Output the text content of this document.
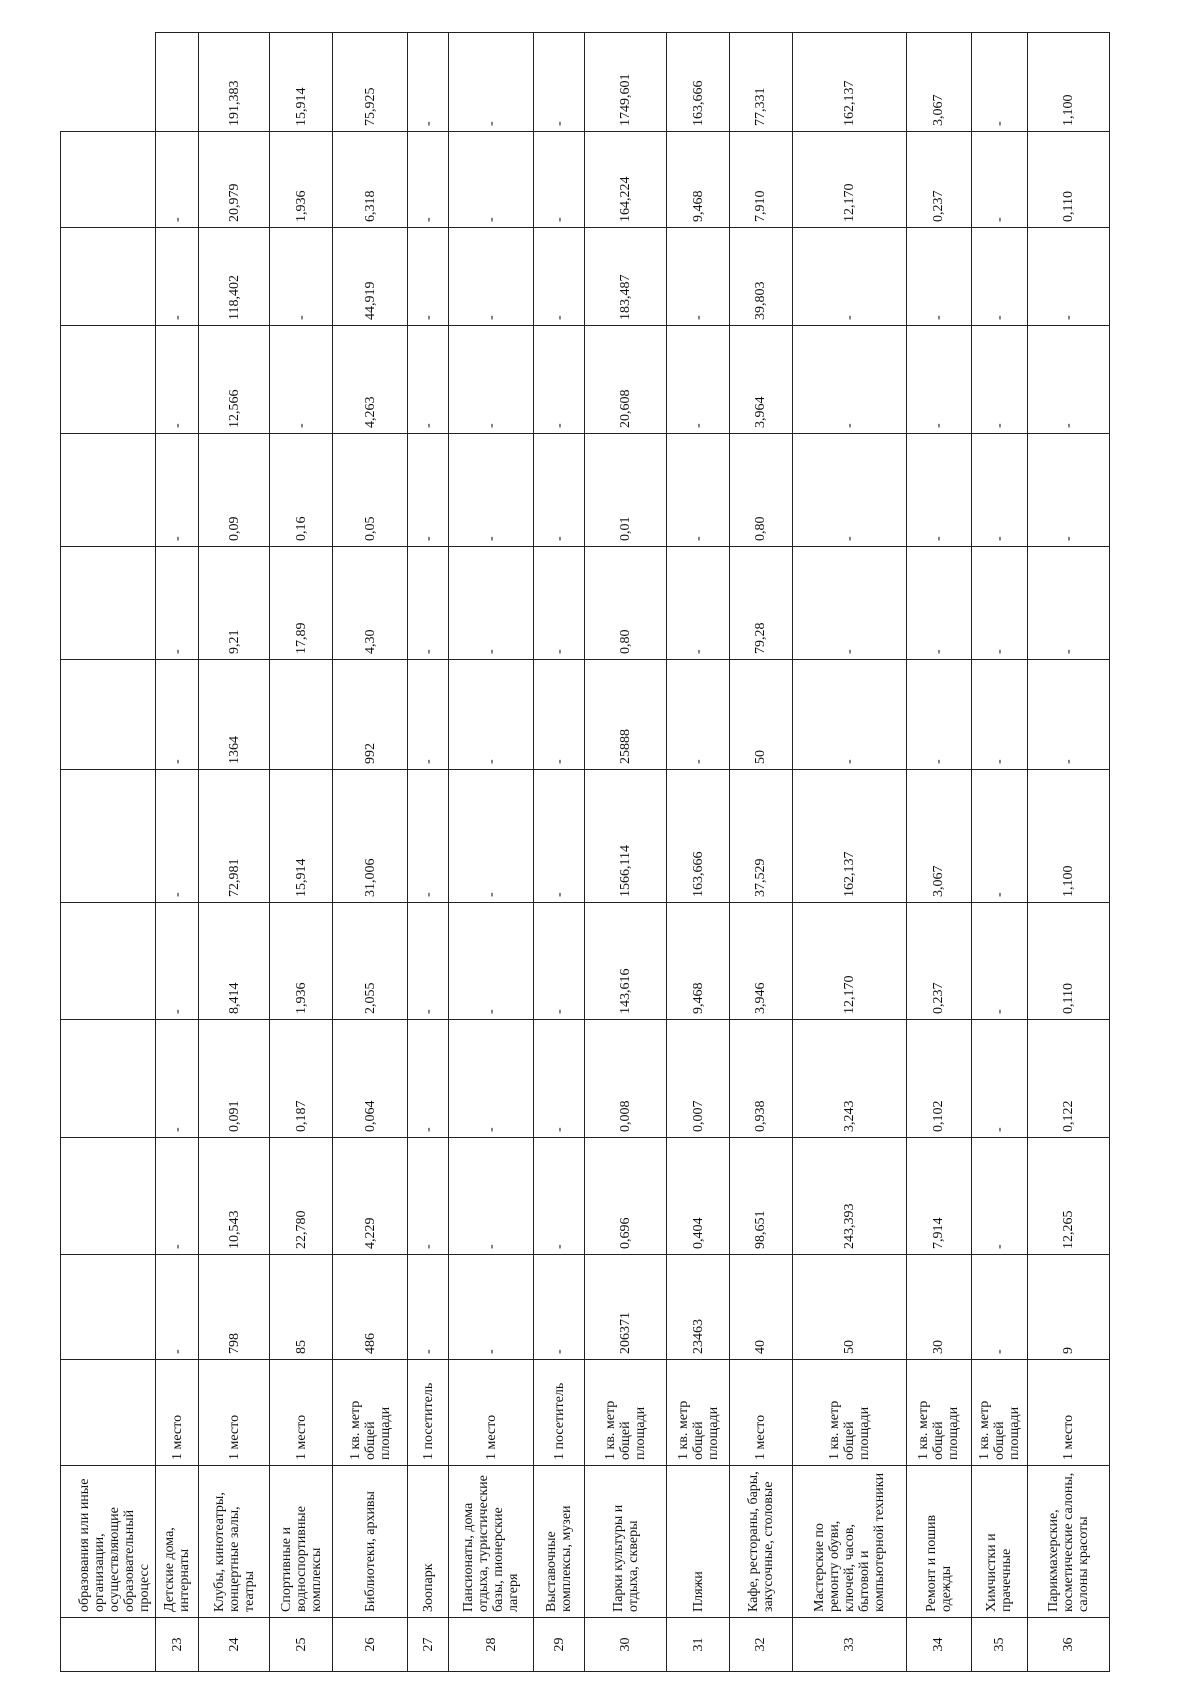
	образования или иные организации, осуществляющие образовательный процесс													
23	Детские дома, интернаты	1 место	-	-	-	-	-	-	-	-	-	-	-	
24	Клубы, кинотеатры, концертные залы, театры	1 место	798	10,543	0,091	8,414	72,981	1364	9,21	0,09	12,566	118,402	20,979	191,383
25	Спортивные и водноспортивные комплексы	1 место	85	22,780	0,187	1,936	15,914		17,89	0,16	-	-	1,936	15,914
26	Библиотеки, архивы	1 кв. метр общей площади	486	4,229	0,064	2,055	31,006	992	4,30	0,05	4,263	44,919	6,318	75,925
27	Зоопарк	1 посетитель	-	-	-	-	-	-	-	-	-	-	-	-
28	Пансионаты, дома отдыха, туристические базы, пионерские лагеря	1 место	-	-	-	-	-	-	-	-	-	-	-	-
29	Выставочные комплексы, музеи	1 посетитель	-	-	-	-	-	-	-	-	-	-	-	-
30	Парки культуры и отдыха, скверы	1 кв. метр общей площади	206371	0,696	0,008	143,616	1566,114	25888	0,80	0,01	20,608	183,487	164,224	1749,601
31	Пляжи	1 кв. метр общей площади	23463	0,404	0,007	9,468	163,666	-	-	-	-	-	9,468	163,666
32	Кафе, рестораны, бары, закусочные, столовые	1 место	40	98,651	0,938	3,946	37,529	50	79,28	0,80	3,964	39,803	7,910	77,331
33	Мастерские по ремонту обуви, ключей, часов, бытовой и компьютерной техники	1 кв. метр общей площади	50	243,393	3,243	12,170	162,137	-	-	-	-	-	12,170	162,137
34	Ремонт и пошив одежды	1 кв. метр общей площади	30	7,914	0,102	0,237	3,067	-	-	-	-	-	0,237	3,067
35	Химчистки и прачечные	1 кв. метр общей площади	-	-	-	-	-	-	-	-	-	-	-	-
36	Парикмахерские, косметические салоны, салоны красоты	1 место	9	12,265	0,122	0,110	1,100	-	-	-	-	-	0,110	1,100
